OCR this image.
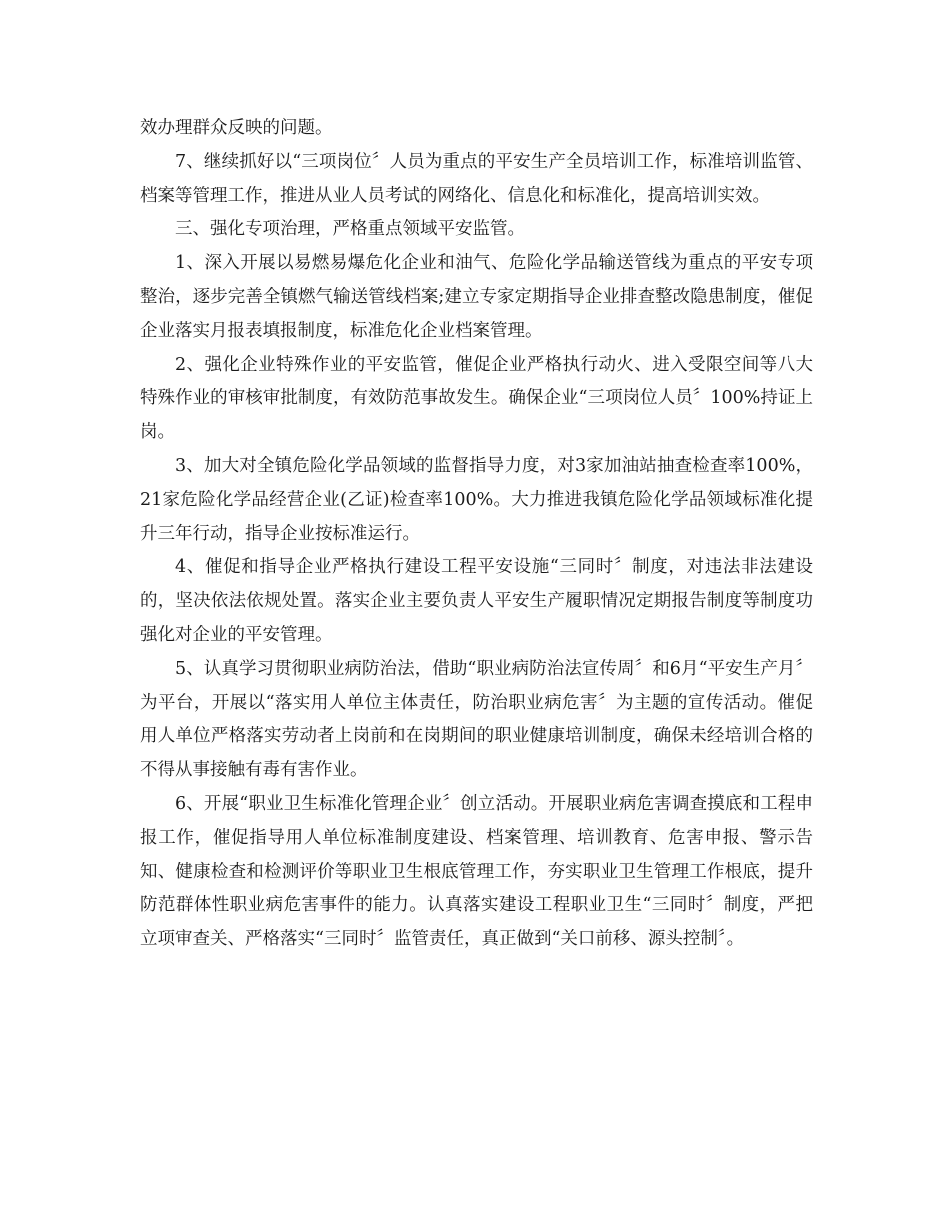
效办理群众反映的问题。

7、继续抓好以“三项岗位〞人员为重点的平安生产全员培训工作，标准培训监管、档案等管理工作，推进从业人员考试的网络化、信息化和标准化，提高培训实效。

三、强化专项治理，严格重点领域平安监管。

1、深入开展以易燃易爆危化企业和油气、危险化学品输送管线为重点的平安专项整治，逐步完善全镇燃气输送管线档案;建立专家定期指导企业排查整改隐患制度，催促企业落实月报表填报制度，标准危化企业档案管理。

2、强化企业特殊作业的平安监管，催促企业严格执行动火、进入受限空间等八大特殊作业的审核审批制度，有效防范事故发生。确保企业“三项岗位人员〞100%持证上岗。

3、加大对全镇危险化学品领域的监督指导力度，对3家加油站抽查检查率100%，21家危险化学品经营企业(乙证)检查率100%。大力推进我镇危险化学品领域标准化提升三年行动，指导企业按标准运行。

4、催促和指导企业严格执行建设工程平安设施“三同时〞制度，对违法非法建设的，坚决依法依规处置。落实企业主要负责人平安生产履职情况定期报告制度等制度功强化对企业的平安管理。

5、认真学习贯彻职业病防治法，借助“职业病防治法宣传周〞和6月“平安生产月〞为平台，开展以“落实用人单位主体责任，防治职业病危害〞为主题的宣传活动。催促用人单位严格落实劳动者上岗前和在岗期间的职业健康培训制度，确保未经培训合格的不得从事接触有毒有害作业。

6、开展“职业卫生标准化管理企业〞创立活动。开展职业病危害调查摸底和工程申报工作，催促指导用人单位标准制度建设、档案管理、培训教育、危害申报、警示告知、健康检查和检测评价等职业卫生根底管理工作，夯实职业卫生管理工作根底，提升防范群体性职业病危害事件的能力。认真落实建设工程职业卫生“三同时〞制度，严把立项审查关、严格落实“三同时〞监管责任，真正做到“关口前移、源头控制〞。
